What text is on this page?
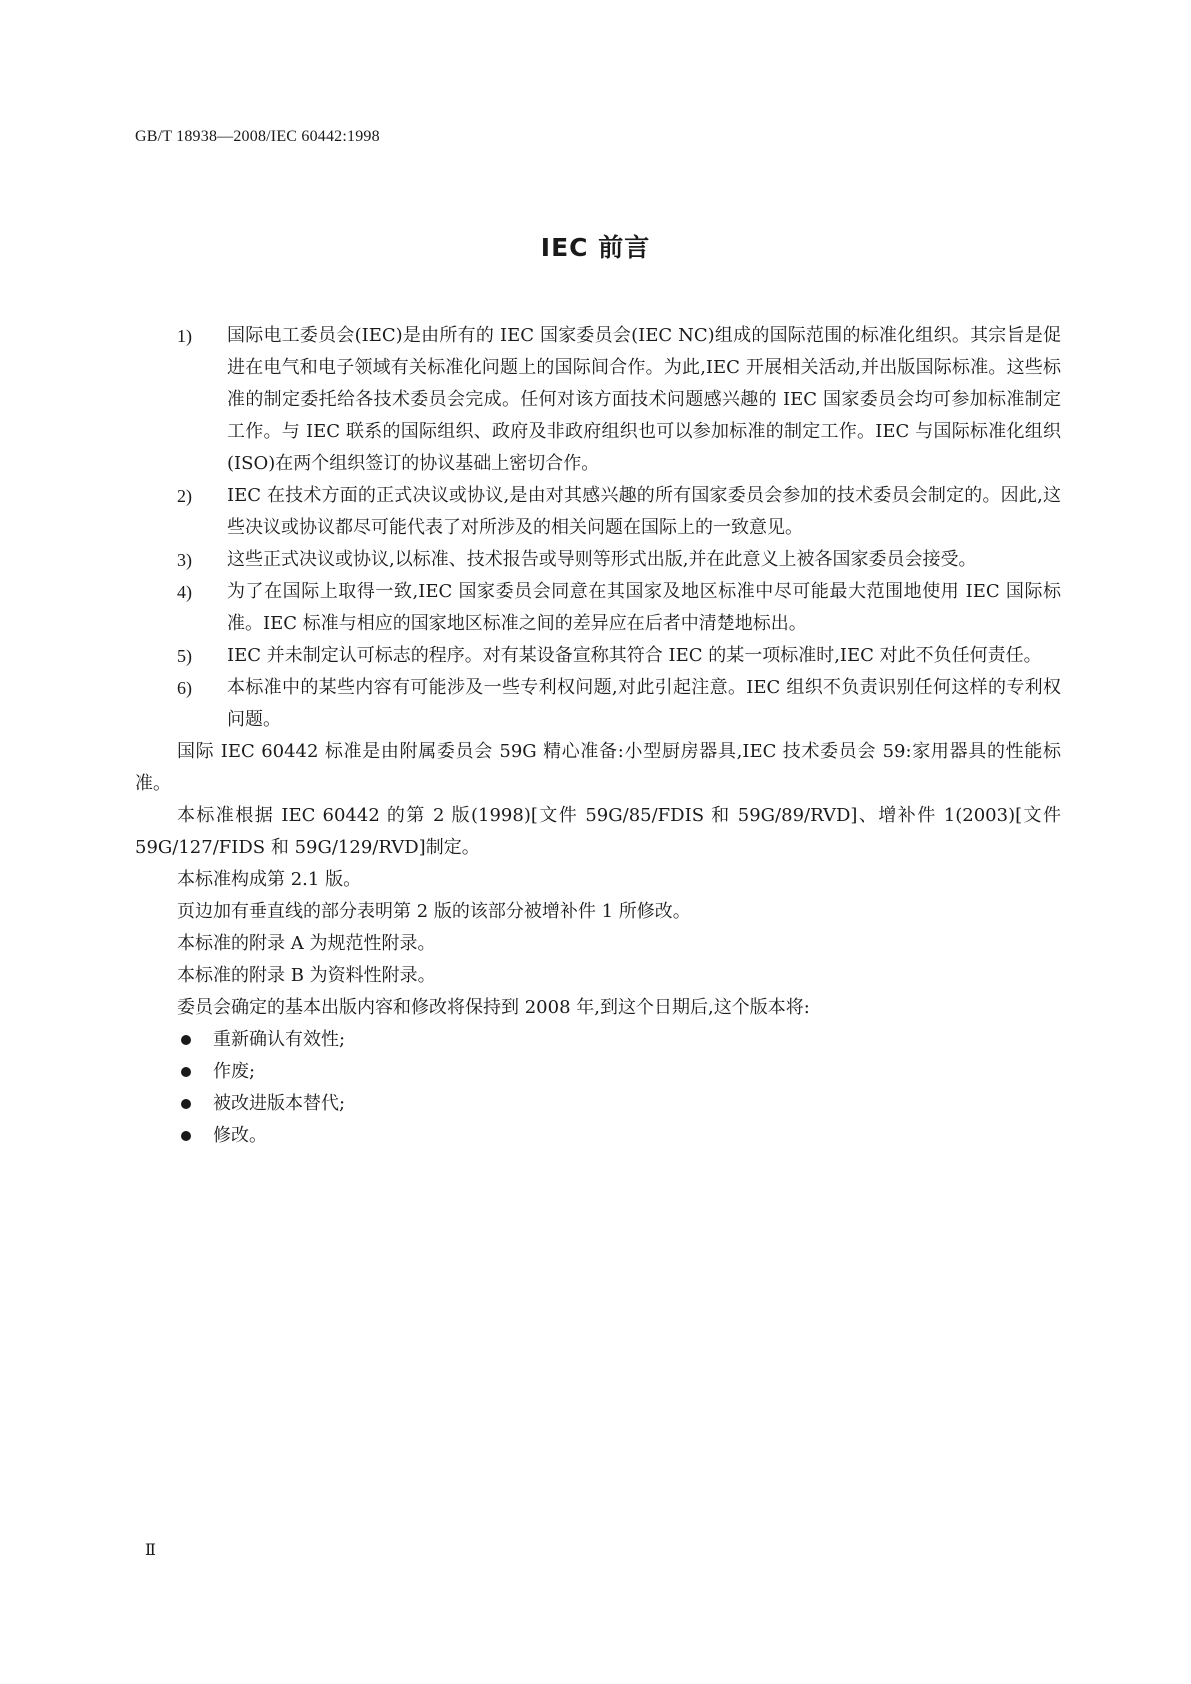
GB/T 18938—2008/IEC 60442:1998
IEC 前言
1)	国际电工委员会(IEC)是由所有的 IEC 国家委员会(IEC NC)组成的国际范围的标准化组织。其宗旨是促进在电气和电子领域有关标准化问题上的国际间合作。为此,IEC 开展相关活动,并出版国际标准。这些标准的制定委托给各技术委员会完成。任何对该方面技术问题感兴趣的 IEC 国家委员会均可参加标准制定工作。与 IEC 联系的国际组织、政府及非政府组织也可以参加标准的制定工作。IEC 与国际标准化组织(ISO)在两个组织签订的协议基础上密切合作。
2)	IEC 在技术方面的正式决议或协议,是由对其感兴趣的所有国家委员会参加的技术委员会制定的。因此,这些决议或协议都尽可能代表了对所涉及的相关问题在国际上的一致意见。
3)	这些正式决议或协议,以标准、技术报告或导则等形式出版,并在此意义上被各国家委员会接受。
4)	为了在国际上取得一致,IEC 国家委员会同意在其国家及地区标准中尽可能最大范围地使用 IEC 国际标准。IEC 标准与相应的国家地区标准之间的差异应在后者中清楚地标出。
5)	IEC 并未制定认可标志的程序。对有某设备宣称其符合 IEC 的某一项标准时,IEC 对此不负任何责任。
6)	本标准中的某些内容有可能涉及一些专利权问题,对此引起注意。IEC 组织不负责识别任何这样的专利权问题。

国际 IEC 60442 标准是由附属委员会 59G 精心准备:小型厨房器具,IEC 技术委员会 59:家用器具的性能标准。

本标准根据 IEC 60442 的第 2 版(1998)[文件 59G/85/FDIS 和 59G/89/RVD]、增补件 1(2003)[文件 59G/127/FIDS 和 59G/129/RVD]制定。

本标准构成第 2.1 版。

页边加有垂直线的部分表明第 2 版的该部分被增补件 1 所修改。

本标准的附录 A 为规范性附录。

本标准的附录 B 为资料性附录。

委员会确定的基本出版内容和修改将保持到 2008 年,到这个日期后,这个版本将:

重新确认有效性;
作废;
被改进版本替代;
修改。
Ⅱ
